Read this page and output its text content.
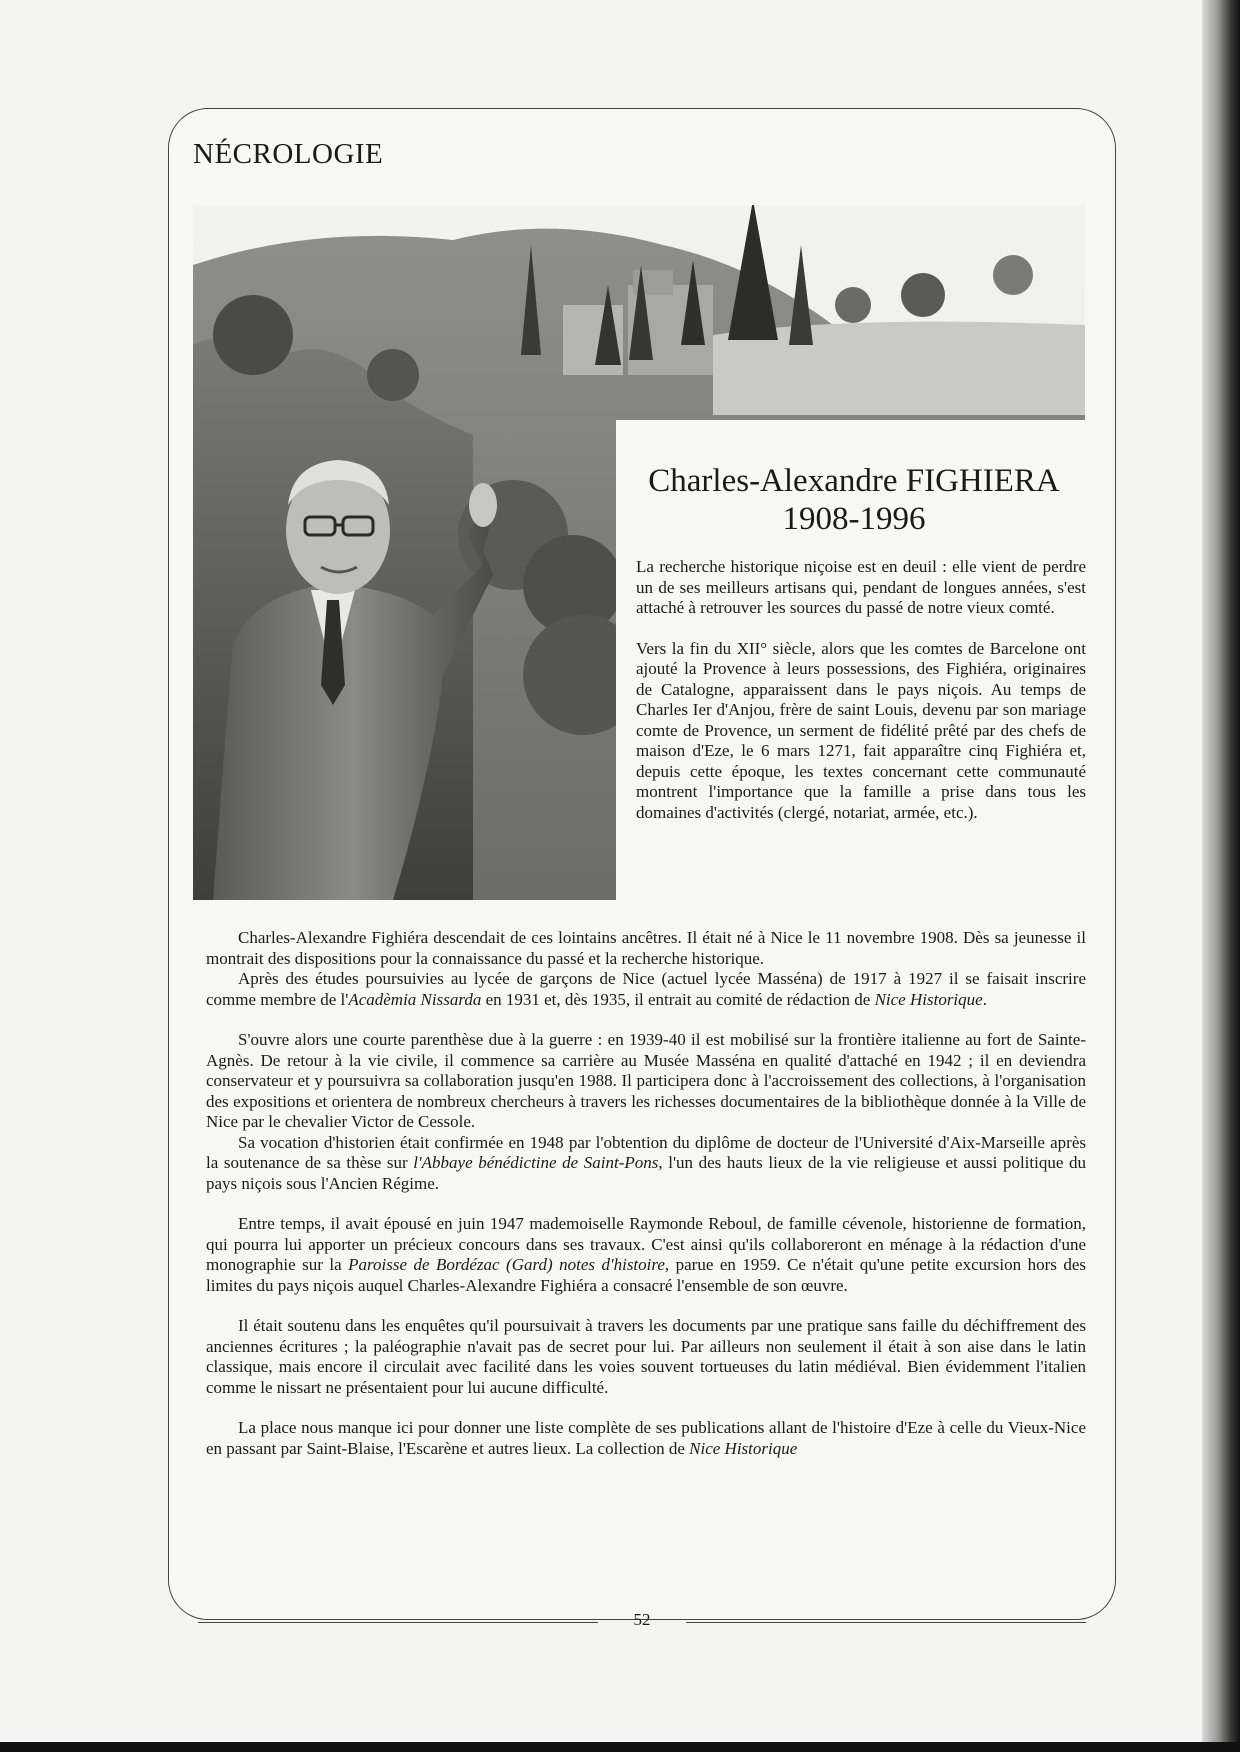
NÉCROLOGIE
Charles-Alexandre FIGHIERA
1908-1996

La recherche historique niçoise est en deuil : elle vient de perdre un de ses meilleurs artisans qui, pendant de longues années, s'est attaché à retrouver les sources du passé de notre vieux comté.

Vers la fin du XII° siècle, alors que les comtes de Barcelone ont ajouté la Provence à leurs possessions, des Fighiéra, originaires de Catalogne, apparaissent dans le pays niçois. Au temps de Charles Ier d'Anjou, frère de saint Louis, devenu par son mariage comte de Provence, un serment de fidélité prêté par des chefs de maison d'Eze, le 6 mars 1271, fait apparaître cinq Fighiéra et, depuis cette époque, les textes concernant cette communauté montrent l'importance que la famille a prise dans tous les domaines d'activités (clergé, notariat, armée, etc.).

Charles-Alexandre Fighiéra descendait de ces lointains ancêtres. Il était né à Nice le 11 novembre 1908. Dès sa jeunesse il montrait des dispositions pour la connaissance du passé et la recherche historique.

Après des études poursuivies au lycée de garçons de Nice (actuel lycée Masséna) de 1917 à 1927 il se faisait inscrire comme membre de l'Acadèmia Nissarda en 1931 et, dès 1935, il entrait au comité de rédaction de Nice Historique.

S'ouvre alors une courte parenthèse due à la guerre : en 1939-40 il est mobilisé sur la frontière italienne au fort de Sainte-Agnès. De retour à la vie civile, il commence sa carrière au Musée Masséna en qualité d'attaché en 1942 ; il en deviendra conservateur et y poursuivra sa collaboration jusqu'en 1988. Il participera donc à l'accroissement des collections, à l'organisation des expositions et orientera de nombreux chercheurs à travers les richesses documentaires de la bibliothèque donnée à la Ville de Nice par le chevalier Victor de Cessole.

Sa vocation d'historien était confirmée en 1948 par l'obtention du diplôme de docteur de l'Université d'Aix-Marseille après la soutenance de sa thèse sur l'Abbaye bénédictine de Saint-Pons, l'un des hauts lieux de la vie religieuse et aussi politique du pays niçois sous l'Ancien Régime.

Entre temps, il avait épousé en juin 1947 mademoiselle Raymonde Reboul, de famille cévenole, historienne de formation, qui pourra lui apporter un précieux concours dans ses travaux. C'est ainsi qu'ils collaboreront en ménage à la rédaction d'une monographie sur la Paroisse de Bordézac (Gard) notes d'histoire, parue en 1959. Ce n'était qu'une petite excursion hors des limites du pays niçois auquel Charles-Alexandre Fighiéra a consacré l'ensemble de son œuvre.

Il était soutenu dans les enquêtes qu'il poursuivait à travers les documents par une pratique sans faille du déchiffrement des anciennes écritures ; la paléographie n'avait pas de secret pour lui. Par ailleurs non seulement il était à son aise dans le latin classique, mais encore il circulait avec facilité dans les voies souvent tortueuses du latin médiéval. Bien évidemment l'italien comme le nissart ne présentaient pour lui aucune difficulté.

La place nous manque ici pour donner une liste complète de ses publications allant de l'histoire d'Eze à celle du Vieux-Nice en passant par Saint-Blaise, l'Escarène et autres lieux. La collection de Nice Historique

52
